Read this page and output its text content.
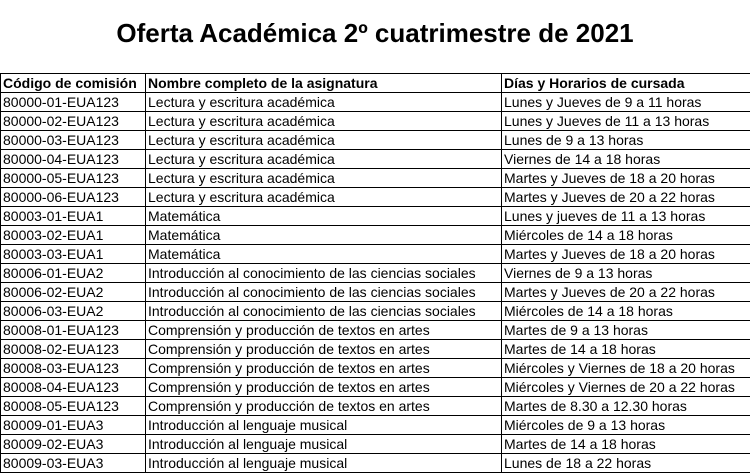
Oferta Académica 2º cuatrimestre de 2021
Código de comisión	Nombre completo de la asignatura	Días y Horarios de cursada
80000-01-EUA123	Lectura y escritura académica	Lunes y Jueves de 9 a 11 horas
80000-02-EUA123	Lectura y escritura académica	Lunes y Jueves de 11 a 13 horas
80000-03-EUA123	Lectura y escritura académica	Lunes de 9 a 13 horas
80000-04-EUA123	Lectura y escritura académica	Viernes de 14 a 18 horas
80000-05-EUA123	Lectura y escritura académica	Martes y Jueves de 18 a 20 horas
80000-06-EUA123	Lectura y escritura académica	Martes y Jueves de 20 a 22 horas
80003-01-EUA1	Matemática	Lunes y jueves de 11 a 13 horas
80003-02-EUA1	Matemática	Miércoles de 14 a 18 horas
80003-03-EUA1	Matemática	Martes y Jueves de 18 a 20 horas
80006-01-EUA2	Introducción al conocimiento de las ciencias sociales	Viernes de 9 a 13 horas
80006-02-EUA2	Introducción al conocimiento de las ciencias sociales	Martes y Jueves de 20 a 22 horas
80006-03-EUA2	Introducción al conocimiento de las ciencias sociales	Miércoles de 14 a 18 horas
80008-01-EUA123	Comprensión y producción de textos en artes	Martes de 9 a 13 horas
80008-02-EUA123	Comprensión y producción de textos en artes	Martes de 14 a 18 horas
80008-03-EUA123	Comprensión y producción de textos en artes	Miércoles y Viernes de 18 a 20 horas
80008-04-EUA123	Comprensión y producción de textos en artes	Miércoles y Viernes de 20 a 22 horas
80008-05-EUA123	Comprensión y producción de textos en artes	Martes de 8.30 a 12.30 horas
80009-01-EUA3	Introducción al lenguaje musical	Miércoles de 9 a 13 horas
80009-02-EUA3	Introducción al lenguaje musical	Martes de 14 a 18 horas
80009-03-EUA3	Introducción al lenguaje musical	Lunes de 18 a 22 horas
